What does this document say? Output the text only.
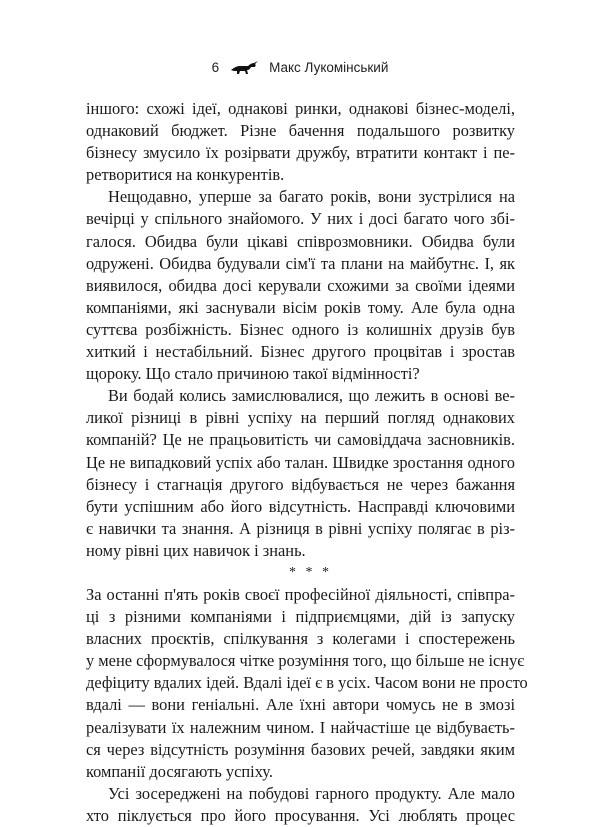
6	Макс Лукомінський
іншого: схожі ідеї, однакові ринки, однакові бізнес-моделі,
однаковий бюджет. Різне бачення подальшого розвитку
бізнесу змусило їх розірвати дружбу, втратити контакт і пе-
ретворитися на конкурентів.
Нещодавно, уперше за багато років, вони зустрілися на
вечірці у спільного знайомого. У них і досі багато чого збі-
галося. Обидва були цікаві співрозмовники. Обидва були
одружені. Обидва будували сім'ї та плани на майбутнє. І, як
виявилося, обидва досі керували схожими за своїми ідеями
компаніями, які заснували вісім років тому. Але була одна
суттєва розбіжність. Бізнес одного із колишніх друзів був
хиткий і нестабільний. Бізнес другого процвітав і зростав
щороку. Що стало причиною такої відмінності?
Ви бодай колись замислювалися, що лежить в основі ве-
ликої різниці в рівні успіху на перший погляд однакових
компаній? Це не працьовитість чи самовіддача засновників.
Це не випадковий успіх або талан. Швидке зростання одного
бізнесу і стагнація другого відбувається не через бажання
бути успішним або його відсутність. Насправді ключовими
є навички та знання. А різниця в рівні успіху полягає в різ-
ному рівні цих навичок і знань.
* * *
За останні п'ять років своєї професійної діяльності, співпра-
ці з різними компаніями і підприємцями, дій із запуску
власних проєктів, спілкування з колегами і спостережень
у мене сформувалося чітке розуміння того, що більше не існує
дефіциту вдалих ідей. Вдалі ідеї є в усіх. Часом вони не просто
вдалі — вони геніальні. Але їхні автори чомусь не в змозі
реалізувати їх належним чином. І найчастіше це відбуваєть-
ся через відсутність розуміння базових речей, завдяки яким
компанії досягають успіху.
Усі зосереджені на побудові гарного продукту. Але мало
хто піклується про його просування. Усі люблять процес
